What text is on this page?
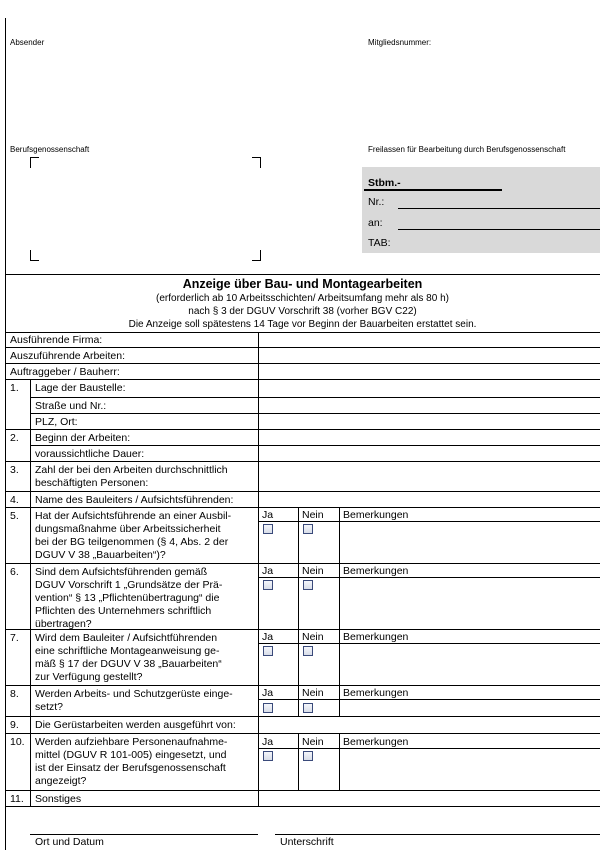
Absender	Mitgliedsnummer:
Berufsgenossenschaft	Freilassen für Bearbeitung durch Berufsgenossenschaft
Stbm.-
Nr.:
an:
TAB:
Anzeige über Bau- und Montagearbeiten
(erforderlich ab 10 Arbeitsschichten/ Arbeitsumfang mehr als 80 h)
nach § 3 der DGUV Vorschrift 38 (vorher BGV C22)
Die Anzeige soll spätestens 14 Tage vor Beginn der Bauarbeiten erstattet sein.
Ausführende Firma:
Auszuführende Arbeiten:
Auftraggeber / Bauherr:
1. Lage der Baustelle:
Straße und Nr.:
PLZ, Ort:
2. Beginn der Arbeiten:
voraussichtliche Dauer:
3. Zahl der bei den Arbeiten durchschnittlich
beschäftigten Personen:
4. Name des Bauleiters / Aufsichtsführenden:
5. Hat der Aufsichtsführende an einer Ausbil-
dungsmaßnahme über Arbeitssicherheit
bei der BG teilgenommen (§ 4, Abs. 2 der
DGUV V 38 „Bauarbeiten“)?
Ja	Nein Bemerkungen
6. Sind dem Aufsichtsführenden gemäß
DGUV Vorschrift 1 „Grundsätze der Prä-
vention“ § 13 „Pflichtenübertragung“ die
Pflichten des Unternehmers schriftlich
übertragen?
Ja	Nein Bemerkungen
7. Wird dem Bauleiter / Aufsichtführenden
eine schriftliche Montageanweisung ge-
mäß § 17 der DGUV V 38 „Bauarbeiten“
zur Verfügung gestellt?
Ja	Nein Bemerkungen
8. Werden Arbeits- und Schutzgerüste einge-
setzt?
Ja	Nein Bemerkungen
9. Die Gerüstarbeiten werden ausgeführt von:
10. Werden aufziehbare Personenaufnahme-
mittel (DGUV R 101-005) eingesetzt, und
ist der Einsatz der Berufsgenossenschaft
angezeigt?
Ja	Nein Bemerkungen
11. Sonstiges
Ort und Datum	Unterschrift
